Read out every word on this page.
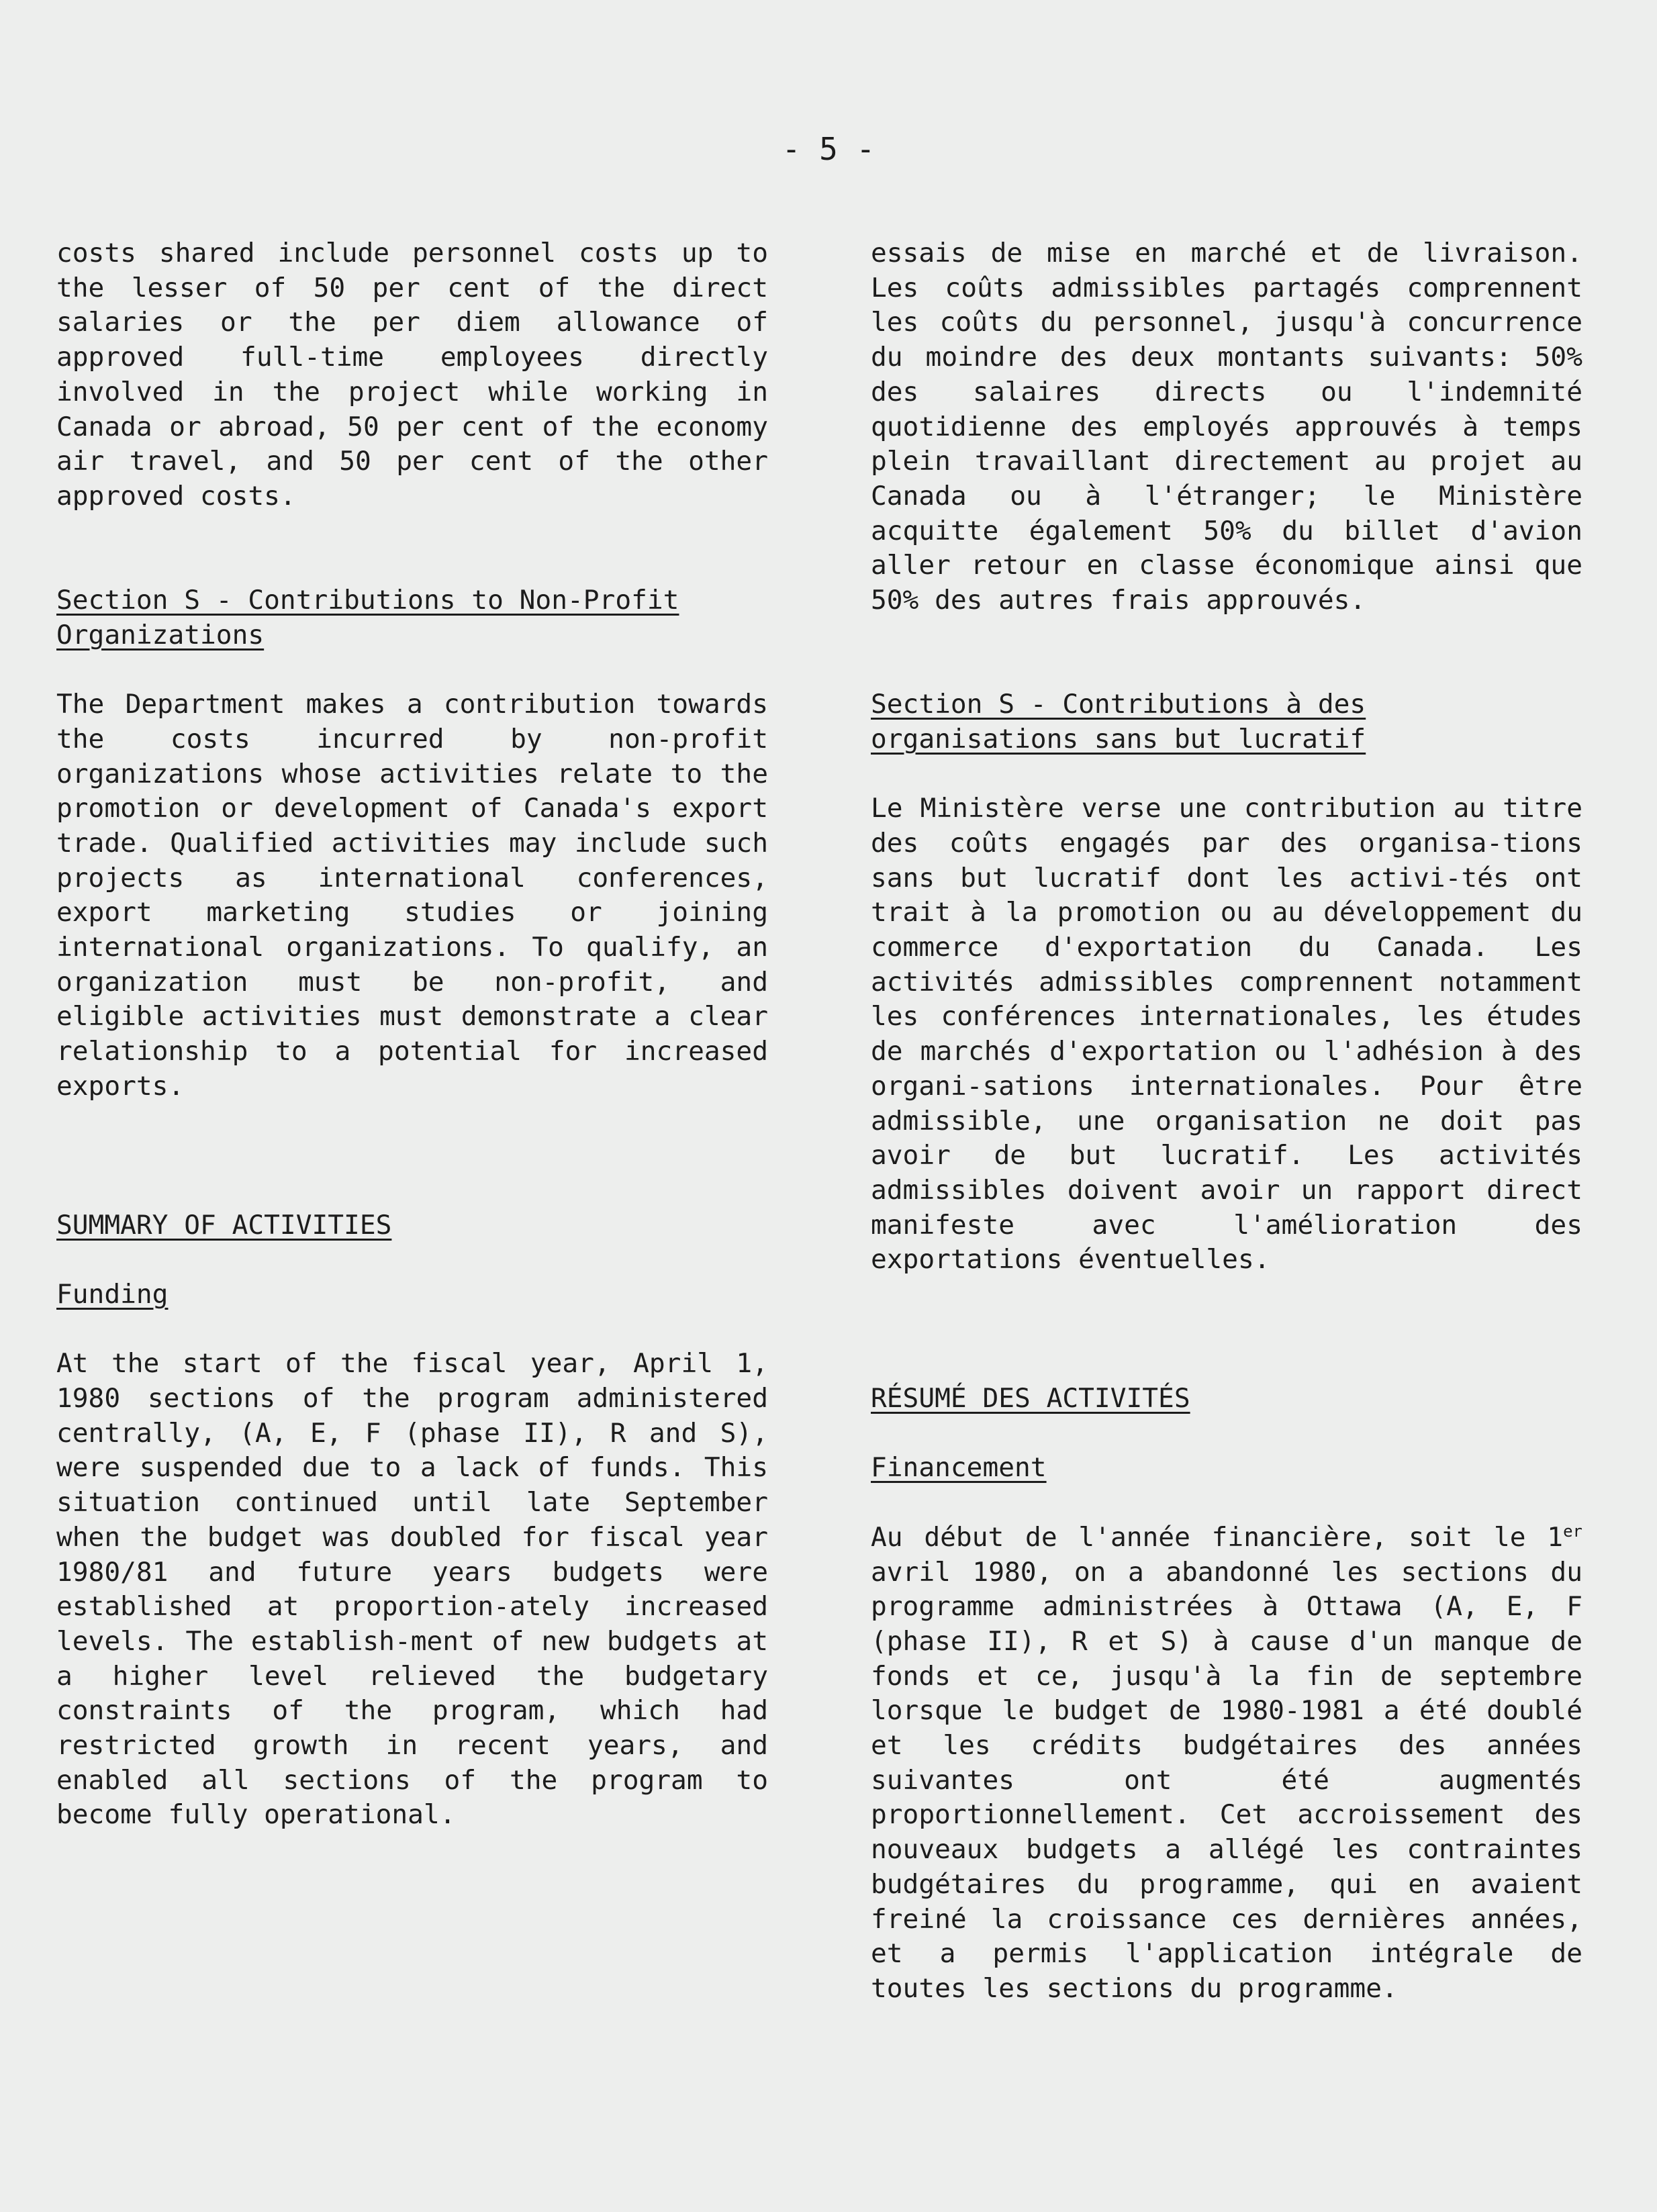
- 5 -

costs shared include personnel costs up to the lesser of 50 per cent of the direct salaries or the per diem allowance of approved full-time employees directly involved in the project while working in Canada or abroad, 50 per cent of the economy air travel, and 50 per cent of the other approved costs.

Section S - Contributions to Non-Profit
Organizations

The Department makes a contribution towards the costs incurred by non-profit organizations whose activities relate to the promotion or development of Canada's export trade. Qualified activities may include such projects as international conferences, export marketing studies or joining international organizations. To qualify, an organization must be non-profit, and eligible activities must demonstrate a clear relationship to a potential for increased exports.

SUMMARY OF ACTIVITIES
Funding

At the start of the fiscal year, April 1, 1980 sections of the program administered centrally, (A, E, F (phase II), R and S), were suspended due to a lack of funds. This situation continued until late September when the budget was doubled for fiscal year 1980/81 and future years budgets were established at proportion-ately increased levels. The establish-ment of new budgets at a higher level relieved the budgetary constraints of the program, which had restricted growth in recent years, and enabled all sections of the program to become fully operational.

essais de mise en marché et de livraison. Les coûts admissibles partagés comprennent les coûts du personnel, jusqu'à concurrence du moindre des deux montants suivants: 50% des salaires directs ou l'indemnité quotidienne des employés approuvés à temps plein travaillant directement au projet au Canada ou à l'étranger; le Ministère acquitte également 50% du billet d'avion aller retour en classe économique ainsi que 50% des autres frais approuvés.

Section S - Contributions à des
organisations sans but lucratif

Le Ministère verse une contribution au titre des coûts engagés par des organisa-tions sans but lucratif dont les activi-tés ont trait à la promotion ou au développement du commerce d'exportation du Canada. Les activités admissibles comprennent notamment les conférences internationales, les études de marchés d'exportation ou l'adhésion à des organi-sations internationales. Pour être admissible, une organisation ne doit pas avoir de but lucratif. Les activités admissibles doivent avoir un rapport direct manifeste avec l'amélioration des exportations éventuelles.

RÉSUMÉ DES ACTIVITÉS
Financement

Au début de l'année financière, soit le 1er avril 1980, on a abandonné les sections du programme administrées à Ottawa (A, E, F (phase II), R et S) à cause d'un manque de fonds et ce, jusqu'à la fin de septembre lorsque le budget de 1980-1981 a été doublé et les crédits budgétaires des années suivantes ont été augmentés proportionnellement. Cet accroissement des nouveaux budgets a allégé les contraintes budgétaires du programme, qui en avaient freiné la croissance ces dernières années, et a permis l'application intégrale de toutes les sections du programme.
